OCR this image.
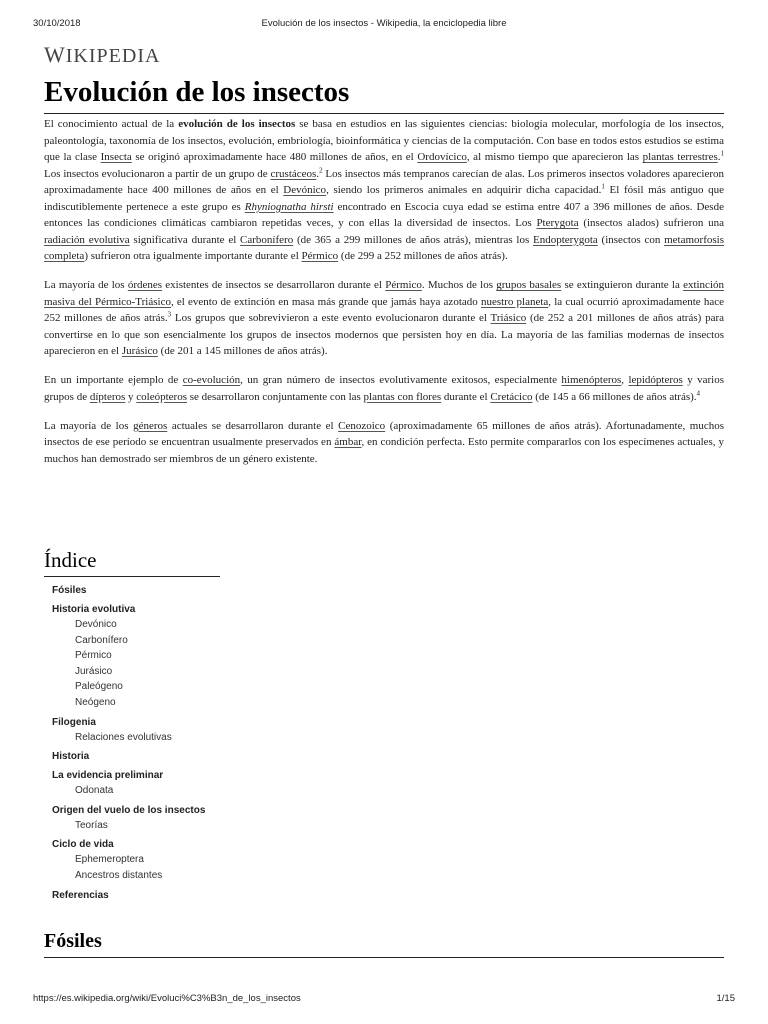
30/10/2018	Evolución de los insectos - Wikipedia, la enciclopedia libre
WIKIPEDIA
Evolución de los insectos

El conocimiento actual de la evolución de los insectos se basa en estudios en las siguientes ciencias: biología molecular, morfología de los insectos, paleontología, taxonomía de los insectos, evolución, embriología, bioinformática y ciencias de la computación. Con base en todos estos estudios se estima que la clase Insecta se originó aproximadamente hace 480 millones de años, en el Ordovícico, al mismo tiempo que aparecieron las plantas terrestres.$^1$ Los insectos evolucionaron a partir de un grupo de crustáceos.$^2$ Los insectos más tempranos carecían de alas. Los primeros insectos voladores aparecieron aproximadamente hace 400 millones de años en el Devónico, siendo los primeros animales en adquirir dicha capacidad.$^1$ El fósil más antiguo que indiscutiblemente pertenece a este grupo es Rhyniognatha hirsti encontrado en Escocia cuya edad se estima entre 407 a 396 millones de años. Desde entonces las condiciones climáticas cambiaron repetidas veces, y con ellas la diversidad de insectos. Los Pterygota (insectos alados) sufrieron una radiación evolutiva significativa durante el Carbonífero (de 365 a 299 millones de años atrás), mientras los Endopterygota (insectos con metamorfosis completa) sufrieron otra igualmente importante durante el Pérmico (de 299 a 252 millones de años atrás).

La mayoría de los órdenes existentes de insectos se desarrollaron durante el Pérmico. Muchos de los grupos basales se extinguieron durante la extinción masiva del Pérmico-Triásico, el evento de extinción en masa más grande que jamás haya azotado nuestro planeta, la cual ocurrió aproximadamente hace 252 millones de años atrás.$^3$ Los grupos que sobrevivieron a este evento evolucionaron durante el Triásico (de 252 a 201 millones de años atrás) para convertirse en lo que son esencialmente los grupos de insectos modernos que persisten hoy en día. La mayoría de las familias modernas de insectos aparecieron en el Jurásico (de 201 a 145 millones de años atrás).

En un importante ejemplo de co-evolución, un gran número de insectos evolutivamente exitosos, especialmente himenópteros, lepidópteros y varios grupos de dípteros y coleópteros se desarrollaron conjuntamente con las plantas con flores durante el Cretácico (de 145 a 66 millones de años atrás).$^4$

La mayoría de los géneros actuales se desarrollaron durante el Cenozoico (aproximadamente 65 millones de años atrás). Afortunadamente, muchos insectos de ese período se encuentran usualmente preservados en ámbar, en condición perfecta. Esto permite compararlos con los especímenes actuales, y muchos han demostrado ser miembros de un género existente.

Índice
Fósiles
Historia evolutiva
Devónico
Carbonífero
Pérmico
Jurásico
Paleógeno
Neógeno
Filogenia
Relaciones evolutivas
Historia
La evidencia preliminar
Odonata
Origen del vuelo de los insectos
Teorías
Ciclo de vida
Ephemeroptera
Ancestros distantes
Referencias
Fósiles
https://es.wikipedia.org/wiki/Evoluci%C3%B3n_de_los_insectos	1/15
